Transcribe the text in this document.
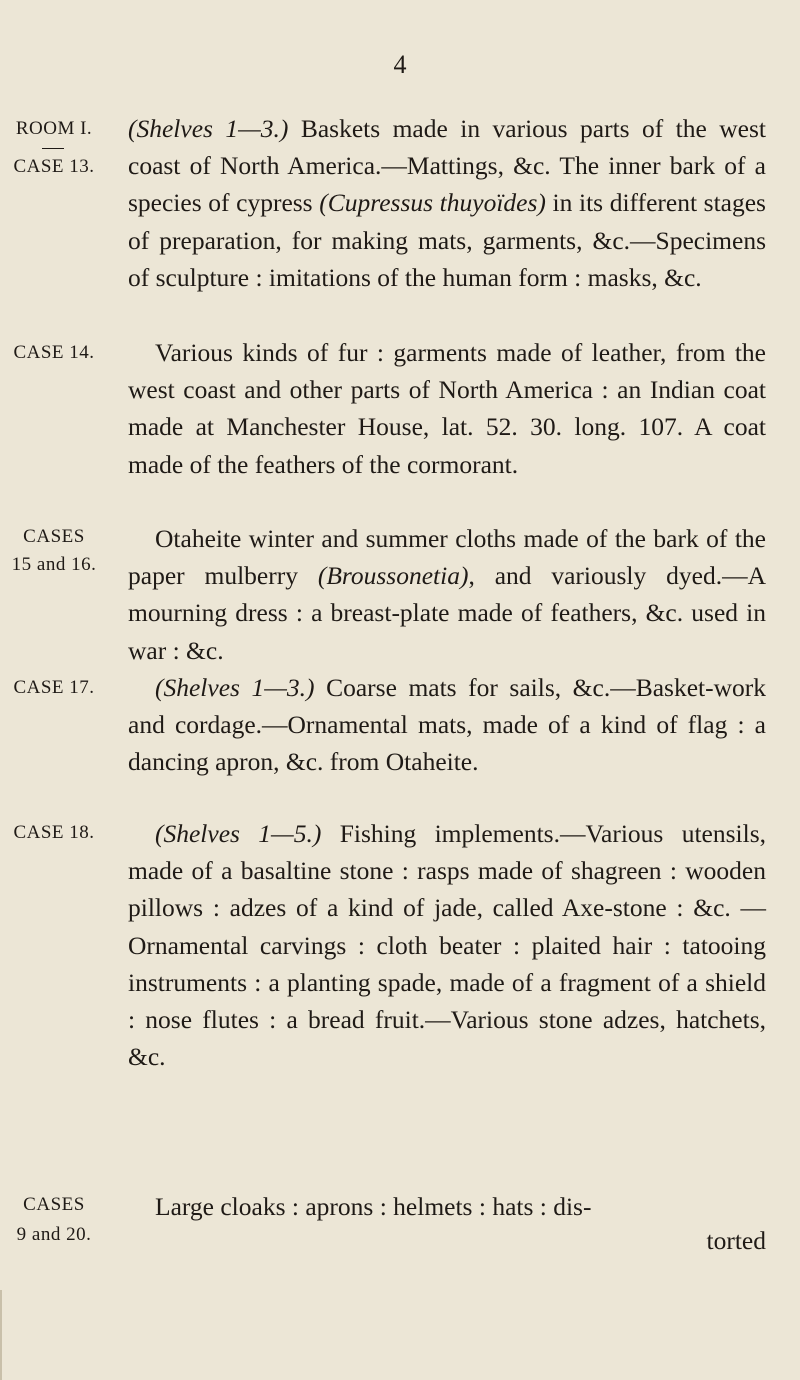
4
ROOM I.
CASE 13.
CASE 14.
CASES
15 and 16.
CASE 17.
CASE 18.
CASES
9 and 20.

(Shelves 1—3.) Baskets made in various parts of the west coast of North America.—Mattings, &c. The inner bark of a species of cypress (Cupressus thuyoïdes) in its different stages of preparation, for making mats, garments, &c.—Specimens of sculpture : imitations of the human form : masks, &c.

Various kinds of fur : garments made of leather, from the west coast and other parts of North America : an Indian coat made at Manchester House, lat. 52. 30. long. 107. A coat made of the feathers of the cormorant.

Otaheite winter and summer cloths made of the bark of the paper mulberry (Broussonetia), and variously dyed.—A mourning dress : a breast-plate made of feathers, &c. used in war : &c.

(Shelves 1—3.) Coarse mats for sails, &c.—Basket-work and cordage.—Ornamental mats, made of a kind of flag : a dancing apron, &c. from Otaheite.

(Shelves 1—5.) Fishing implements.—Various utensils, made of a basaltine stone : rasps made of shagreen : wooden pillows : adzes of a kind of jade, called Axe-stone : &c. — Ornamental carvings : cloth beater : plaited hair : tatooing instruments : a planting spade, made of a fragment of a shield : nose flutes : a bread fruit.—Various stone adzes, hatchets, &c.

Large cloaks : aprons : helmets : hats : dis-

torted
